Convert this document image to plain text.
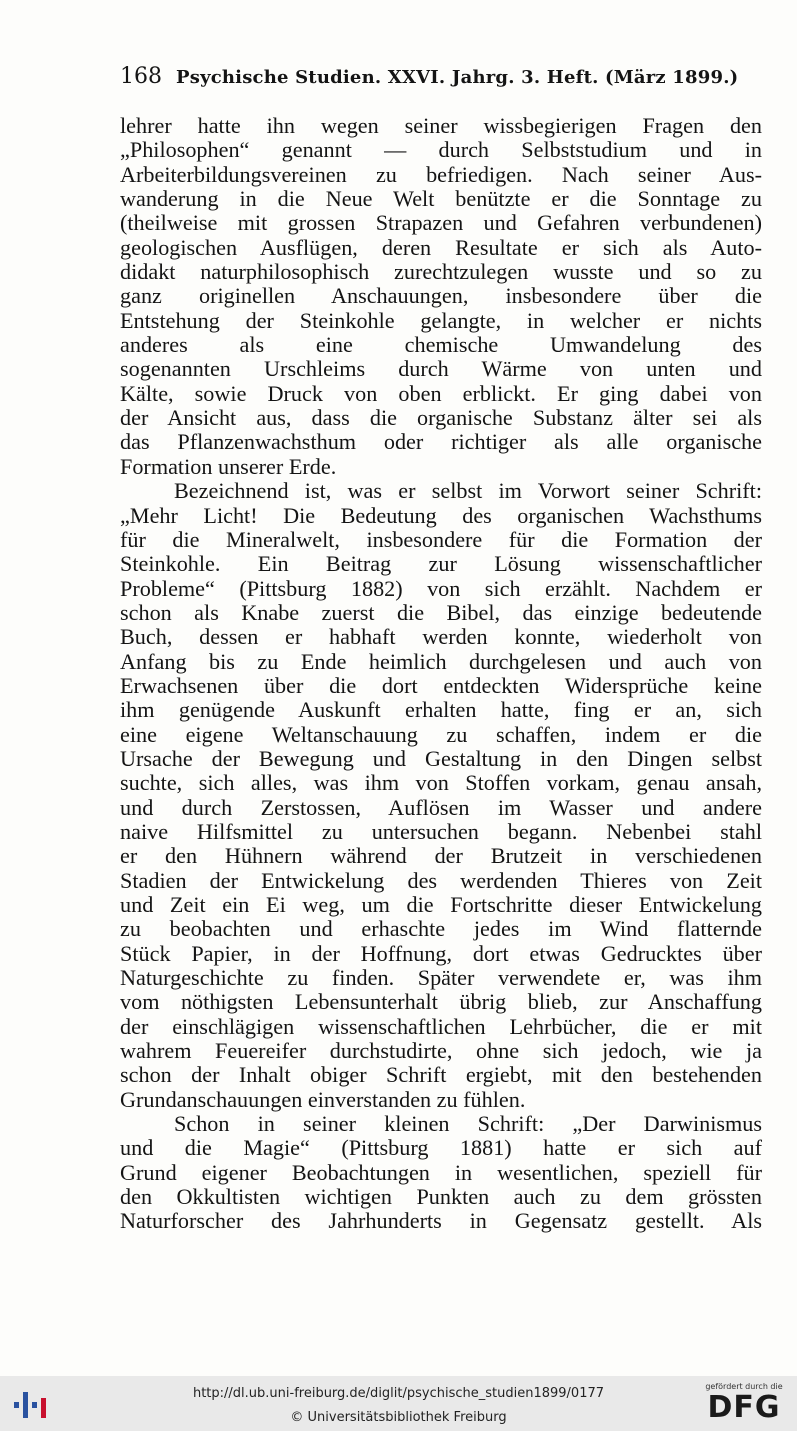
168 Psychische Studien. XXVI. Jahrg. 3. Heft. (März 1899.)
lehrer hatte ihn wegen seiner wissbegierigen Fragen den
„Philosophen“ genannt — durch Selbststudium und in
Arbeiterbildungsvereinen zu befriedigen. Nach seiner Aus-
wanderung in die Neue Welt benützte er die Sonntage zu
(theilweise mit grossen Strapazen und Gefahren verbundenen)
geologischen Ausflügen, deren Resultate er sich als Auto-
didakt naturphilosophisch zurechtzulegen wusste und so zu
ganz originellen Anschauungen, insbesondere über die
Entstehung der Steinkohle gelangte, in welcher er nichts
anderes als eine chemische Umwandelung des
sogenannten Urschleims durch Wärme von unten und
Kälte, sowie Druck von oben erblickt. Er ging dabei von
der Ansicht aus, dass die organische Substanz älter sei als
das Pflanzenwachsthum oder richtiger als alle organische
Formation unserer Erde.
Bezeichnend ist, was er selbst im Vorwort seiner Schrift:
„Mehr Licht! Die Bedeutung des organischen Wachsthums
für die Mineralwelt, insbesondere für die Formation der
Steinkohle. Ein Beitrag zur Lösung wissenschaftlicher
Probleme“ (Pittsburg 1882) von sich erzählt. Nachdem er
schon als Knabe zuerst die Bibel, das einzige bedeutende
Buch, dessen er habhaft werden konnte, wiederholt von
Anfang bis zu Ende heimlich durchgelesen und auch von
Erwachsenen über die dort entdeckten Widersprüche keine
ihm genügende Auskunft erhalten hatte, fing er an, sich
eine eigene Weltanschauung zu schaffen, indem er die
Ursache der Bewegung und Gestaltung in den Dingen selbst
suchte, sich alles, was ihm von Stoffen vorkam, genau ansah,
und durch Zerstossen, Auflösen im Wasser und andere
naive Hilfsmittel zu untersuchen begann. Nebenbei stahl
er den Hühnern während der Brutzeit in verschiedenen
Stadien der Entwickelung des werdenden Thieres von Zeit
und Zeit ein Ei weg, um die Fortschritte dieser Entwickelung
zu beobachten und erhaschte jedes im Wind flatternde
Stück Papier, in der Hoffnung, dort etwas Gedrucktes über
Naturgeschichte zu finden. Später verwendete er, was ihm
vom nöthigsten Lebensunterhalt übrig blieb, zur Anschaffung
der einschlägigen wissenschaftlichen Lehrbücher, die er mit
wahrem Feuereifer durchstudirte, ohne sich jedoch, wie ja
schon der Inhalt obiger Schrift ergiebt, mit den bestehenden
Grundanschauungen einverstanden zu fühlen.
Schon in seiner kleinen Schrift: „Der Darwinismus
und die Magie“ (Pittsburg 1881) hatte er sich auf
Grund eigener Beobachtungen in wesentlichen, speziell für
den Okkultisten wichtigen Punkten auch zu dem grössten
Naturforscher des Jahrhunderts in Gegensatz gestellt. Als
http://dl.ub.uni-freiburg.de/diglit/psychische_studien1899/0177
© Universitätsbibliothek Freiburg
gefördert durch die
DFG
